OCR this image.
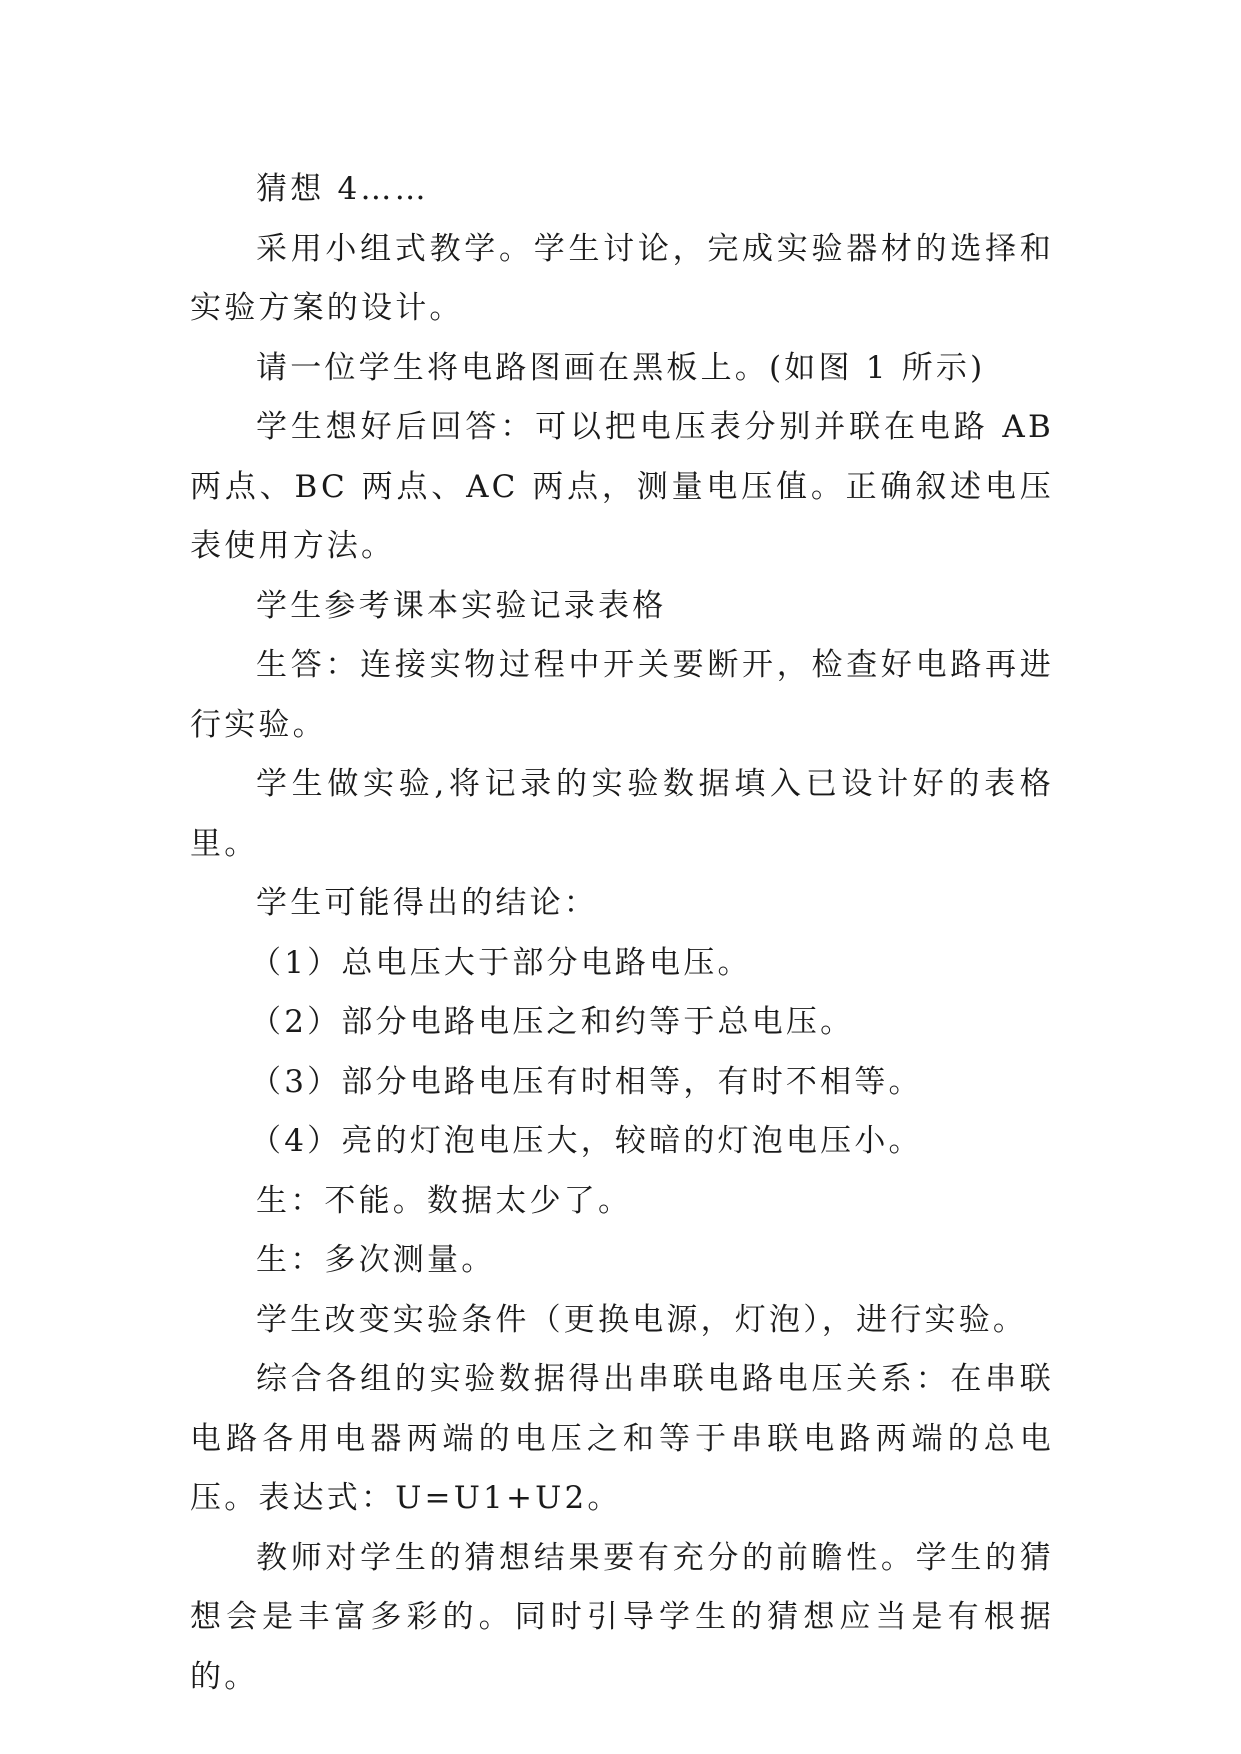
猜想 4……

采用小组式教学。学生讨论，完成实验器材的选择和实验方案的设计。

请一位学生将电路图画在黑板上。(如图 1 所示)

学生想好后回答：可以把电压表分别并联在电路 AB 两点、BC 两点、AC 两点，测量电压值。正确叙述电压表使用方法。

学生参考课本实验记录表格

生答：连接实物过程中开关要断开，检查好电路再进行实验。

学生做实验,将记录的实验数据填入已设计好的表格里。

学生可能得出的结论：

（1）总电压大于部分电路电压。

（2）部分电路电压之和约等于总电压。

（3）部分电路电压有时相等，有时不相等。

（4）亮的灯泡电压大，较暗的灯泡电压小。

生：不能。数据太少了。

生：多次测量。

学生改变实验条件（更换电源，灯泡），进行实验。

综合各组的实验数据得出串联电路电压关系：在串联电路各用电器两端的电压之和等于串联电路两端的总电压。表达式：U=U1+U2。

教师对学生的猜想结果要有充分的前瞻性。学生的猜想会是丰富多彩的。同时引导学生的猜想应当是有根据的。
